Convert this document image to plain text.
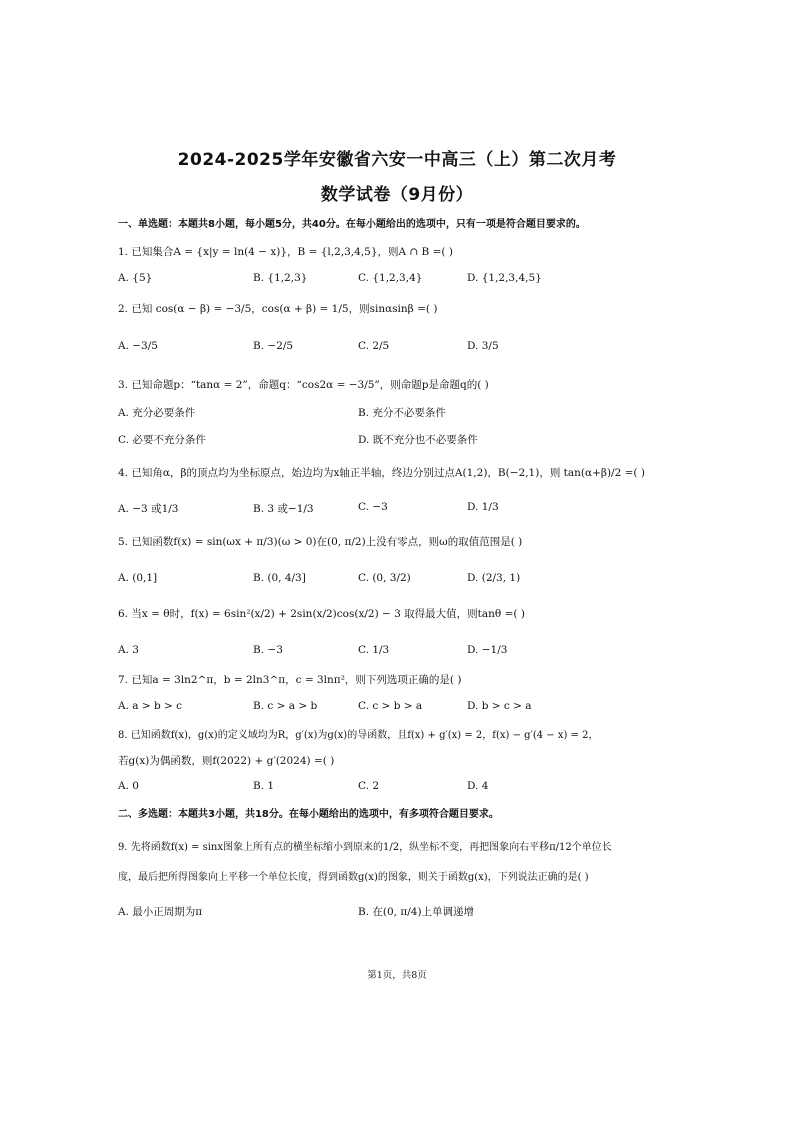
2024-2025学年安徽省六安一中高三（上）第二次月考
数学试卷（9月份）
一、单选题：本题共8小题，每小题5分，共40分。在每小题给出的选项中，只有一项是符合题目要求的。
1. 已知集合A = {x|y = ln(4 − x)}，B = {l,2,3,4,5}，则A ∩ B =( )
A. {5}	B. {1,2,3}	C. {1,2,3,4}	D. {1,2,3,4,5}
2. 已知 cos(α − β) = −3/5，cos(α + β) = 1/5，则sinαsinβ =( )
A. −3/5	B. −2/5	C. 2/5	D. 3/5
3. 已知命题p：“tanα = 2”，命题q：“cos2α = −3/5”，则命题p是命题q的( )
A. 充分必要条件	B. 充分不必要条件
C. 必要不充分条件	D. 既不充分也不必要条件
4. 已知角α，β的顶点均为坐标原点，始边均为x轴正半轴，终边分别过点A(1,2)，B(−2,1)，则 tan(α+β)/2 =( )
A. −3 或1/3	B. 3 或−1/3	C. −3	D. 1/3
5. 已知函数f(x) = sin(ωx + π/3)(ω > 0)在(0, π/2)上没有零点，则ω的取值范围是( )
A. (0,1]	B. (0, 4/3]	C. (0, 3/2)	D. (2/3, 1)
6. 当x = θ时，f(x) = 6sin²(x/2) + 2sin(x/2)cos(x/2) − 3 取得最大值，则tanθ =( )
A. 3	B. −3	C. 1/3	D. −1/3
7. 已知a = 3ln2^π，b = 2ln3^π，c = 3lnπ²，则下列选项正确的是( )
A. a > b > c	B. c > a > b	C. c > b > a	D. b > c > a
8. 已知函数f(x)，g(x)的定义域均为R，g′(x)为g(x)的导函数，且f(x) + g′(x) = 2，f(x) − g′(4 − x) = 2，
若g(x)为偶函数，则f(2022) + g′(2024) =( )
A. 0	B. 1	C. 2	D. 4
二、多选题：本题共3小题，共18分。在每小题给出的选项中，有多项符合题目要求。
9. 先将函数f(x) = sinx图象上所有点的横坐标缩小到原来的1/2，纵坐标不变，再把图象向右平移π/12个单位长
度，最后把所得图象向上平移一个单位长度，得到函数g(x)的图象，则关于函数g(x)，下列说法正确的是( )
A. 最小正周期为π	B. 在(0, π/4)上单调递增
第1页，共8页
